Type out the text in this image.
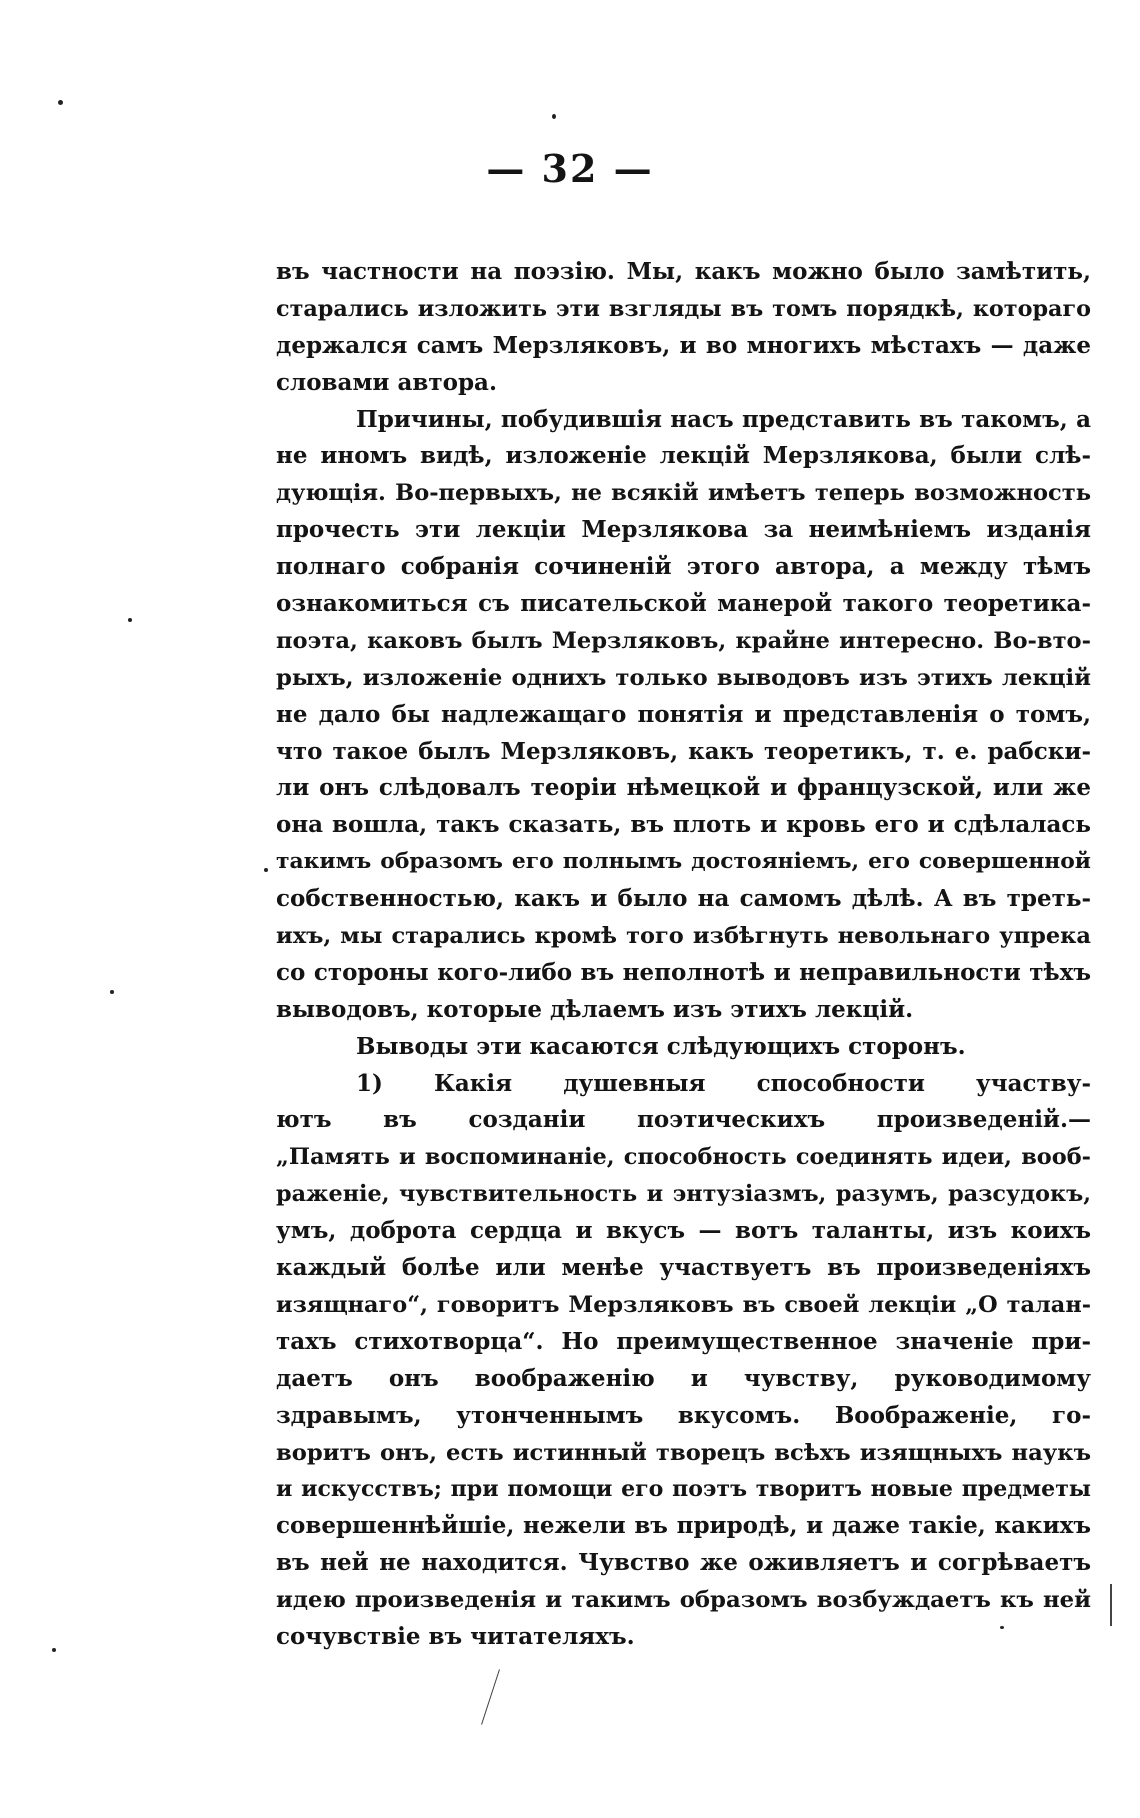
— 32 —
въ частности на поэзію. Мы, какъ можно было замѣтить,
старались изложить эти взгляды въ томъ порядкѣ, котораго
держался самъ Мерзляковъ, и во многихъ мѣстахъ — даже
словами автора.
Причины, побудившія насъ представить въ такомъ, а
не иномъ видѣ, изложеніе лекцій Мерзлякова, были слѣ-
дующія. Во-первыхъ, не всякій имѣетъ теперь возможность
прочесть эти лекціи Мерзлякова за неимѣніемъ изданія
полнаго собранія сочиненій этого автора, а между тѣмъ
ознакомиться съ писательской манерой такого теоретика-
поэта, каковъ былъ Мерзляковъ, крайне интересно. Во-вто-
рыхъ, изложеніе однихъ только выводовъ изъ этихъ лекцій
не дало бы надлежащаго понятія и представленія о томъ,
что такое былъ Мерзляковъ, какъ теоретикъ, т. е. рабски-
ли онъ слѣдовалъ теоріи нѣмецкой и французской, или же
она вошла, такъ сказать, въ плоть и кровь его и сдѣлалась
такимъ образомъ его полнымъ достояніемъ, его совершенной
собственностью, какъ и было на самомъ дѣлѣ. А въ треть-
ихъ, мы старались кромѣ того избѣгнуть невольнаго упрека
со стороны кого-либо въ неполнотѣ и неправильности тѣхъ
выводовъ, которые дѣлаемъ изъ этихъ лекцій.
Выводы эти касаются слѣдующихъ сторонъ.
1) Какія душевныя способности участву-
ютъ въ созданіи поэтическихъ произведеній.—
„Память и воспоминаніе, способность соединять идеи, вооб-
раженіе, чувствительность и энтузіазмъ, разумъ, разсудокъ,
умъ, доброта сердца и вкусъ — вотъ таланты, изъ коихъ
каждый болѣе или менѣе участвуетъ въ произведеніяхъ
изящнаго“, говоритъ Мерзляковъ въ своей лекціи „О талан-
тахъ стихотворца“. Но преимущественное значеніе при-
даетъ онъ воображенію и чувству, руководимому
здравымъ, утонченнымъ вкусомъ. Воображеніе, го-
воритъ онъ, есть истинный творецъ всѣхъ изящныхъ наукъ
и искусствъ; при помощи его поэтъ творитъ новые предметы
совершеннѣйшіе, нежели въ природѣ, и даже такіе, какихъ
въ ней не находится. Чувство же оживляетъ и согрѣваетъ
идею произведенія и такимъ образомъ возбуждаетъ къ ней
сочувствіе въ читателяхъ.
